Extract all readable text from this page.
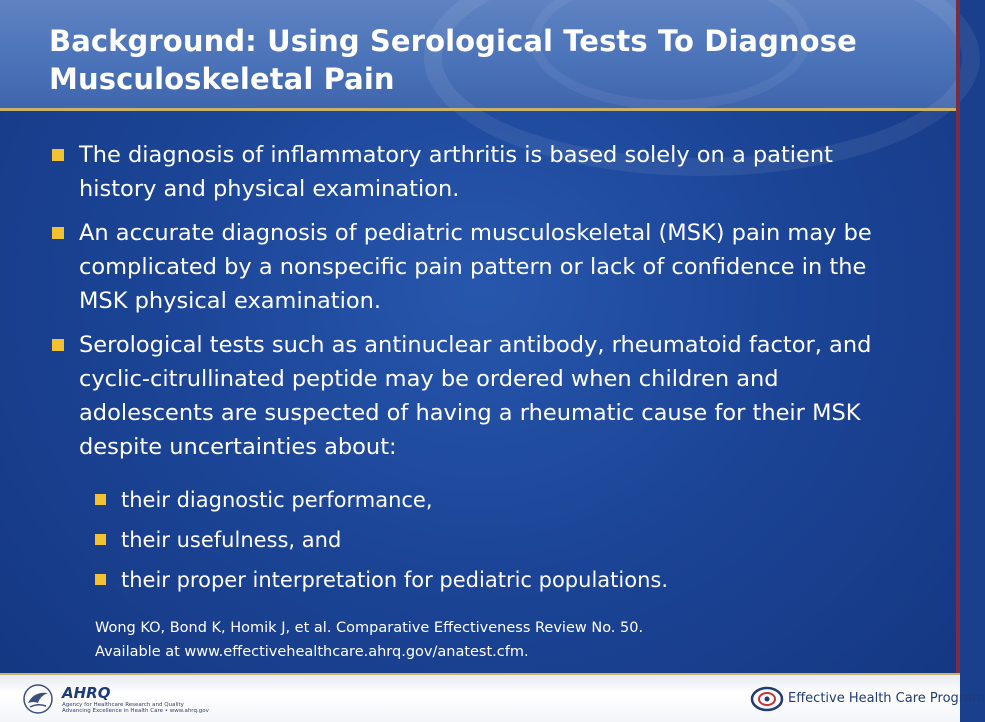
Background: Using Serological Tests To Diagnose Musculoskeletal Pain
The diagnosis of inflammatory arthritis is based solely on a patient history and physical examination.
An accurate diagnosis of pediatric musculoskeletal (MSK) pain may be complicated by a nonspecific pain pattern or lack of confidence in the MSK physical examination.
Serological tests such as antinuclear antibody, rheumatoid factor, and cyclic-citrullinated peptide may be ordered when children and adolescents are suspected of having a rheumatic cause for their MSK despite uncertainties about:
their diagnostic performance,
their usefulness, and
their proper interpretation for pediatric populations.
Wong KO, Bond K, Homik J, et al. Comparative Effectiveness Review No. 50.
Available at www.effectivehealthcare.ahrq.gov/anatest.cfm.
AHRQ
Agency for Healthcare Research and Quality
Advancing Excellence in Health Care • www.ahrq.gov
Effective Health Care Program
